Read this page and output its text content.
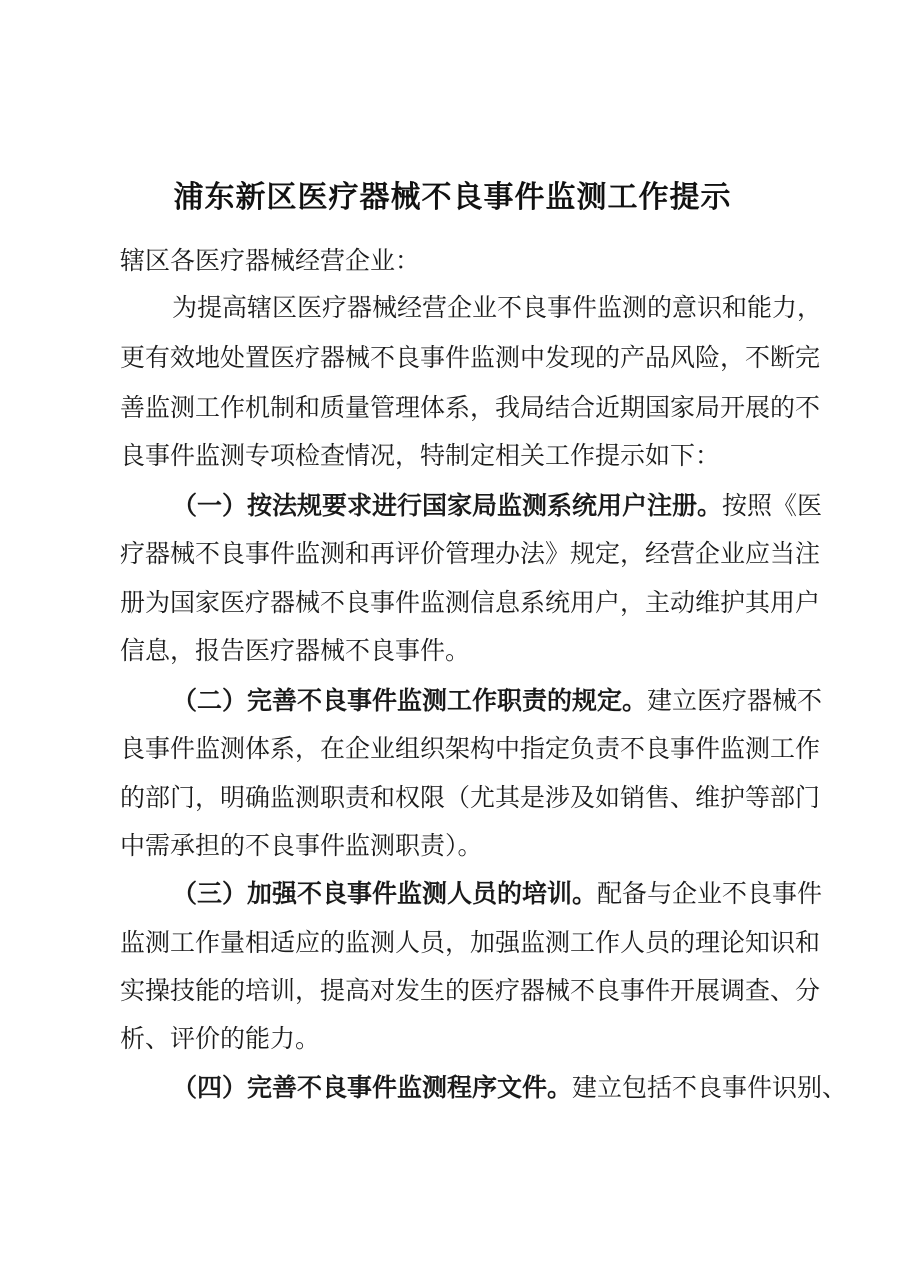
浦东新区医疗器械不良事件监测工作提示
辖区各医疗器械经营企业：
为提高辖区医疗器械经营企业不良事件监测的意识和能力，
更有效地处置医疗器械不良事件监测中发现的产品风险，不断完
善监测工作机制和质量管理体系，我局结合近期国家局开展的不
良事件监测专项检查情况，特制定相关工作提示如下：
（一）按法规要求进行国家局监测系统用户注册。按照《医
疗器械不良事件监测和再评价管理办法》规定，经营企业应当注
册为国家医疗器械不良事件监测信息系统用户，主动维护其用户
信息，报告医疗器械不良事件。
（二）完善不良事件监测工作职责的规定。建立医疗器械不
良事件监测体系，在企业组织架构中指定负责不良事件监测工作
的部门，明确监测职责和权限（尤其是涉及如销售、维护等部门
中需承担的不良事件监测职责）。
（三）加强不良事件监测人员的培训。配备与企业不良事件
监测工作量相适应的监测人员，加强监测工作人员的理论知识和
实操技能的培训，提高对发生的医疗器械不良事件开展调查、分
析、评价的能力。
（四）完善不良事件监测程序文件。建立包括不良事件识别、
